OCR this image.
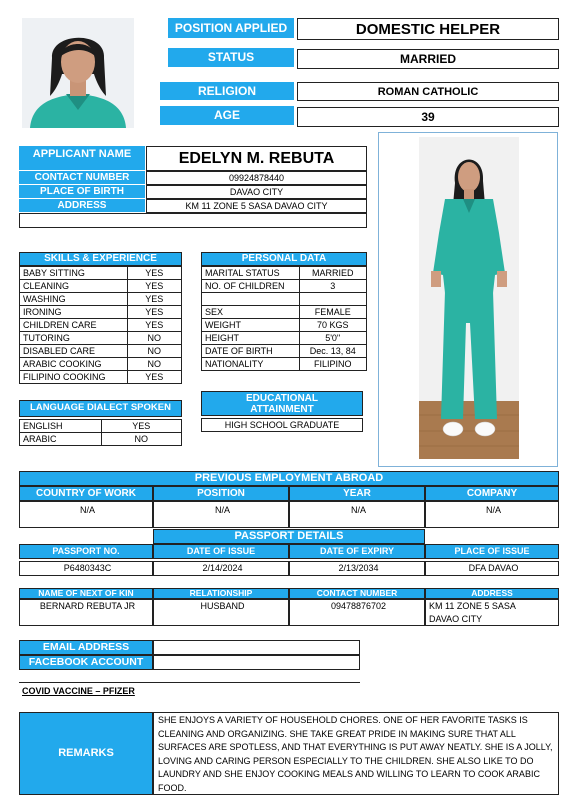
POSITION APPLIED	DOMESTIC HELPER
STATUS	MARRIED
RELIGION	ROMAN CATHOLIC
AGE	39
APPLICANT NAME	EDELYN M. REBUTA
CONTACT NUMBER	09924878440
PLACE OF BIRTH	DAVAO CITY
ADDRESS	KM 11 ZONE 5 SASA DAVAO CITY
SKILLS & EXPERIENCE
BABY SITTING	YES
CLEANING	YES
WASHING	YES
IRONING	YES
CHILDREN CARE	YES
TUTORING	NO
DISABLED CARE	NO
ARABIC COOKING	NO
FILIPINO COOKING	YES
PERSONAL DATA
MARITAL STATUS	MARRIED
NO. OF CHILDREN	3

SEX	FEMALE
WEIGHT	70 KGS
HEIGHT	5'0''
DATE OF BIRTH	Dec. 13, 84
NATIONALITY	FILIPINO
LANGUAGE DIALECT SPOKEN
ENGLISH	YES
ARABIC	NO
EDUCATIONAL ATTAINMENT
HIGH SCHOOL GRADUATE
PREVIOUS EMPLOYMENT ABROAD
COUNTRY OF WORK	POSITION	YEAR	COMPANY
N/A	N/A	N/A	N/A
PASSPORT DETAILS
PASSPORT NO.	DATE OF ISSUE	DATE OF EXPIRY	PLACE OF ISSUE
P6480343C	2/14/2024	2/13/2034	DFA DAVAO
NAME OF NEXT OF KIN	RELATIONSHIP	CONTACT NUMBER	ADDRESS
BERNARD REBUTA JR	HUSBAND	09478876702	KM 11 ZONE 5 SASA DAVAO CITY
EMAIL ADDRESS
FACEBOOK ACCOUNT
COVID VACCINE – PFIZER
REMARKS
SHE ENJOYS A VARIETY OF HOUSEHOLD CHORES. ONE OF HER FAVORITE TASKS IS CLEANING AND ORGANIZING. SHE TAKE GREAT PRIDE IN MAKING SURE THAT ALL SURFACES ARE SPOTLESS, AND THAT EVERYTHING IS PUT AWAY NEATLY. SHE IS A JOLLY, LOVING AND CARING PERSON ESPECIALLY TO THE CHILDREN. SHE ALSO LIKE TO DO LAUNDRY AND SHE ENJOY COOKING MEALS AND WILLING TO LEARN TO COOK ARABIC FOOD.
